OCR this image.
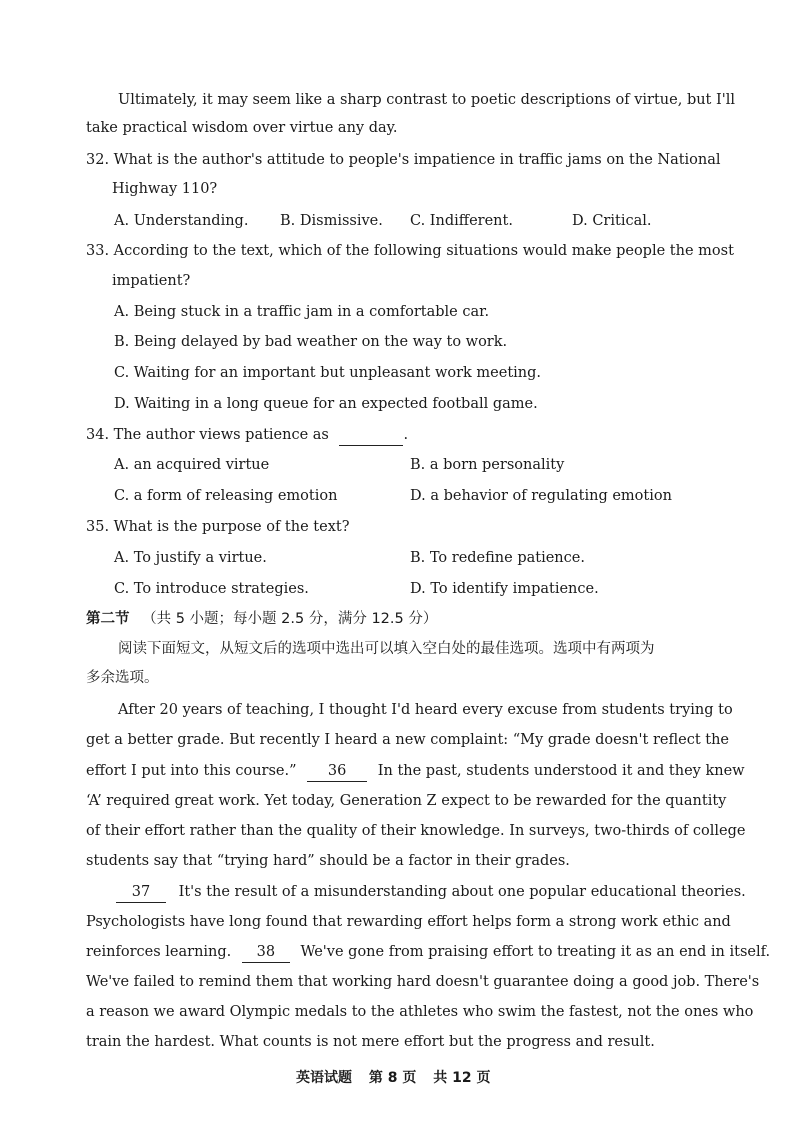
Ultimately, it may seem like a sharp contrast to poetic descriptions of virtue, but I'll
take practical wisdom over virtue any day.
32. What is the author's attitude to people's impatience in traffic jams on the National
Highway 110?
A. Understanding. B. Dismissive. C. Indifferent.	D. Critical.
33. According to the text, which of the following situations would make people the most
impatient?
A. Being stuck in a traffic jam in a comfortable car.
B. Being delayed by bad weather on the way to work.
C. Waiting for an important but unpleasant work meeting.
D. Waiting in a long queue for an expected football game.
34. The author views patience as	.
A. an acquired virtue	B. a born personality
C. a form of releasing emotion	D. a behavior of regulating emotion
35. What is the purpose of the text?
A. To justify a virtue.	B. To redefine patience.
C. To introduce strategies.	D. To identify impatience.
第二节 （共 5 小题；每小题 2.5 分，满分 12.5 分）
阅读下面短文，从短文后的选项中选出可以填入空白处的最佳选项。选项中有两项为
多余选项。
After 20 years of teaching, I thought I'd heard every excuse from students trying to
get a better grade. But recently I heard a new complaint: “My grade doesn't reflect the
effort I put into this course.” 36 In the past, students understood it and they knew
‘A’ required great work. Yet today, Generation Z expect to be rewarded for the quantity
of their effort rather than the quality of their knowledge. In surveys, two-thirds of college
students say that “trying hard” should be a factor in their grades.
37 It's the result of a misunderstanding about one popular educational theories.
Psychologists have long found that rewarding effort helps form a strong work ethic and
reinforces learning. 38 We've gone from praising effort to treating it as an end in itself.
We've failed to remind them that working hard doesn't guarantee doing a good job. There's
a reason we award Olympic medals to the athletes who swim the fastest, not the ones who
train the hardest. What counts is not mere effort but the progress and result.
英语试题 第 8 页 共 12 页
